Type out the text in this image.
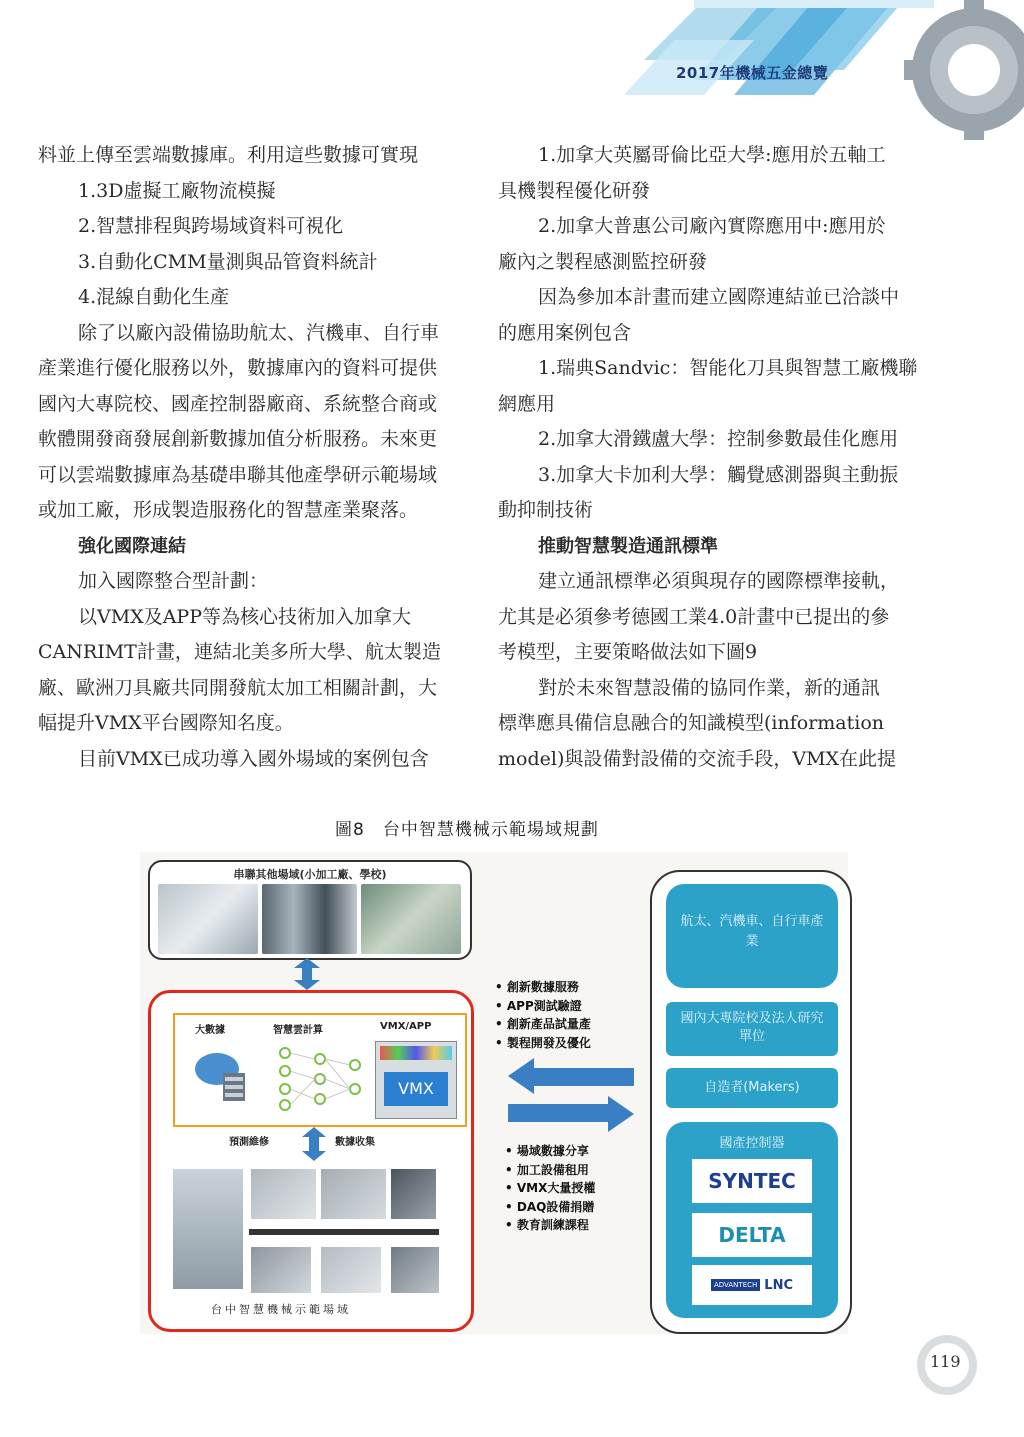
2017年機械五金總覽
料並上傳至雲端數據庫。利用這些數據可實現
1.3D虛擬工廠物流模擬
2.智慧排程與跨場域資料可視化
3.自動化CMM量測與品管資料統計
4.混線自動化生產
除了以廠內設備協助航太、汽機車、自行車
產業進行優化服務以外，數據庫內的資料可提供
國內大專院校、國產控制器廠商、系統整合商或
軟體開發商發展創新數據加值分析服務。未來更
可以雲端數據庫為基礎串聯其他產學研示範場域
或加工廠，形成製造服務化的智慧產業聚落。
強化國際連結
加入國際整合型計劃：
以VMX及APP等為核心技術加入加拿大
CANRIMT計畫，連結北美多所大學、航太製造
廠、歐洲刀具廠共同開發航太加工相關計劃，大
幅提升VMX平台國際知名度。
目前VMX已成功導入國外場域的案例包含
1.加拿大英屬哥倫比亞大學:應用於五軸工
具機製程優化研發
2.加拿大普惠公司廠內實際應用中:應用於
廠內之製程感測監控研發
因為參加本計畫而建立國際連結並已洽談中
的應用案例包含
1.瑞典Sandvic：智能化刀具與智慧工廠機聯
網應用
2.加拿大滑鐵盧大學：控制參數最佳化應用
3.加拿大卡加利大學：觸覺感測器與主動振
動抑制技術
推動智慧製造通訊標準
建立通訊標準必須與現存的國際標準接軌，
尤其是必須參考德國工業4.0計畫中已提出的參
考模型，主要策略做法如下圖9
對於未來智慧設備的協同作業，新的通訊
標準應具備信息融合的知識模型(information
model)與設備對設備的交流手段，VMX在此提
圖8　台中智慧機械示範場域規劃
串聯其他場域(小加工廠、學校)
大數據	智慧雲計算	VMX/APP
VMX
預測維修	數據收集
台中智慧機械示範場域
• 創新數據服務
• APP測試驗證
• 創新產品試量產
• 製程開發及優化
• 場域數據分享
• 加工設備租用
• VMX大量授權
• DAQ設備捐贈
• 教育訓練課程
航太、汽機車、自行車產業
國內大專院校及法人研究單位
自造者(Makers)
國產控制器
SYNTEC
DELTA
ADVANTECH LNC
119
